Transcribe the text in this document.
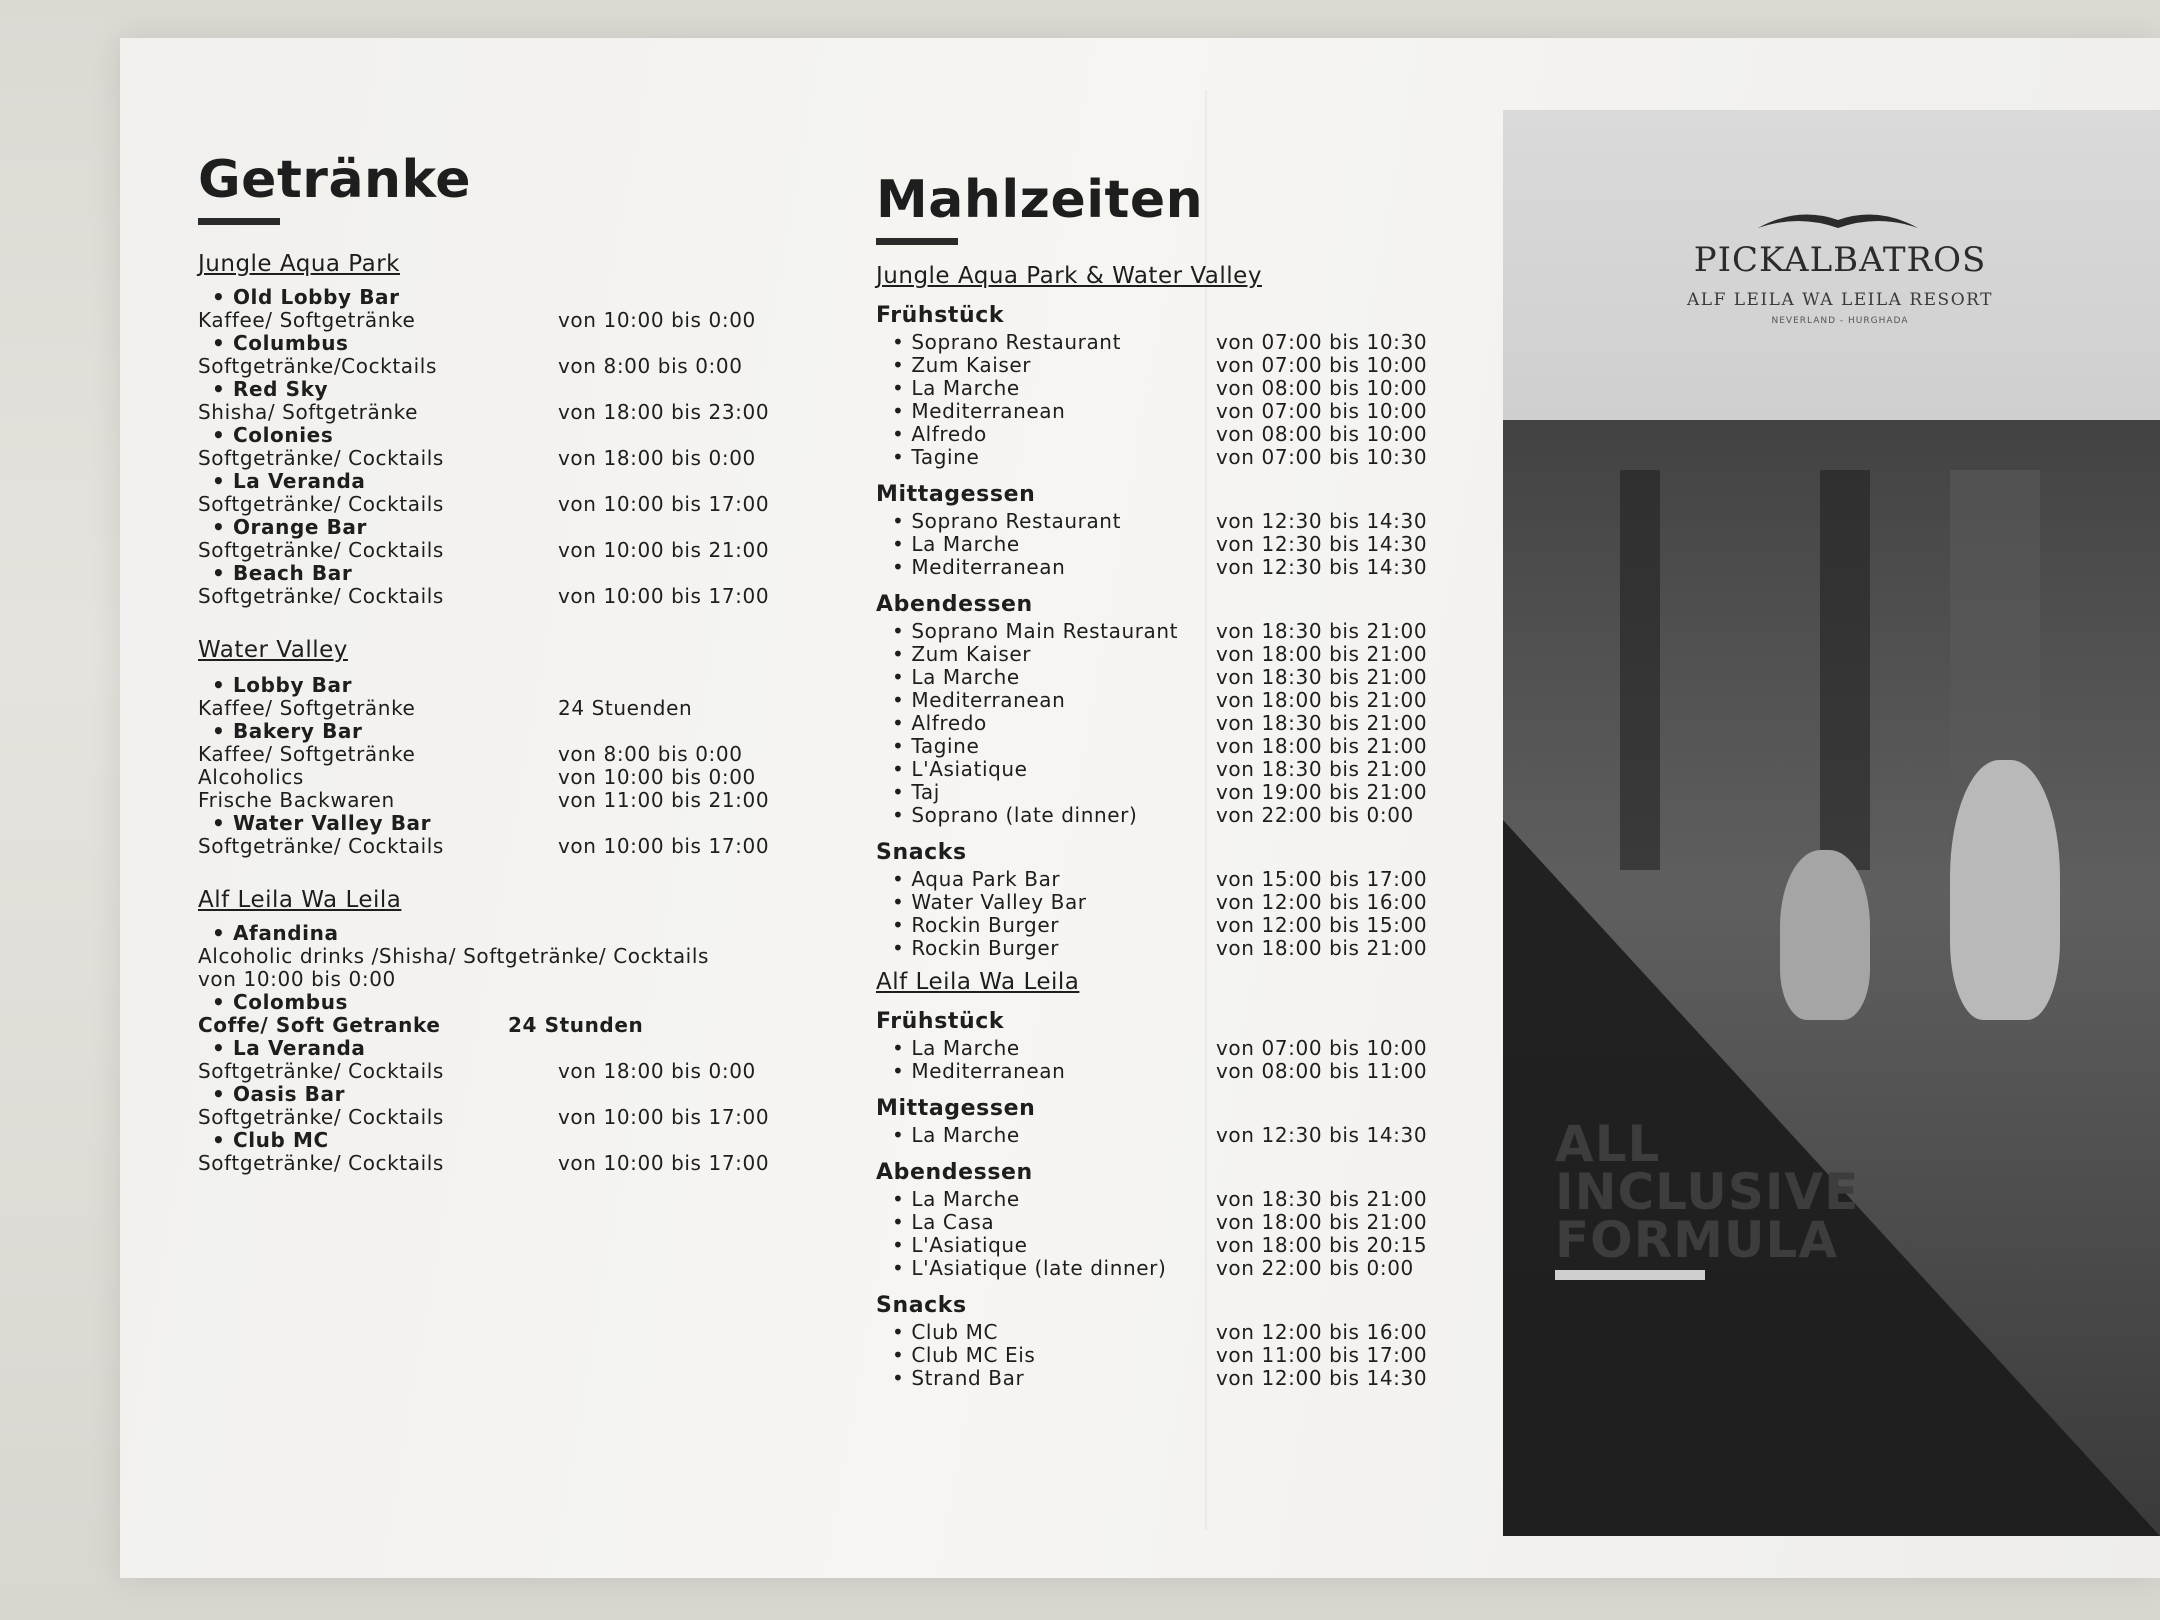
Getränke
Jungle Aqua Park
• Old Lobby Bar
Kaffee/ Softgetränke	von 10:00 bis 0:00
• Columbus
Softgetränke/Cocktails	von 8:00 bis 0:00
• Red Sky
Shisha/ Softgetränke	von 18:00 bis 23:00
• Colonies
Softgetränke/ Cocktails	von 18:00 bis 0:00
• La Veranda
Softgetränke/ Cocktails	von 10:00 bis 17:00
• Orange Bar
Softgetränke/ Cocktails	von 10:00 bis 21:00
• Beach Bar
Softgetränke/ Cocktails	von 10:00 bis 17:00
Water Valley
• Lobby Bar
Kaffee/ Softgetränke	24 Stuenden
• Bakery Bar
Kaffee/ Softgetränke	von 8:00 bis 0:00
Alcoholics	von 10:00 bis 0:00
Frische Backwaren	von 11:00 bis 21:00
• Water Valley Bar
Softgetränke/ Cocktails	von 10:00 bis 17:00
Alf Leila Wa Leila
• Afandina
Alcoholic drinks /Shisha/ Softgetränke/ Cocktails
von 10:00 bis 0:00
• Colombus
Coffe/ Soft Getranke	24 Stunden
• La Veranda
Softgetränke/ Cocktails	von 18:00 bis 0:00
• Oasis Bar
Softgetränke/ Cocktails	von 10:00 bis 17:00
• Club MC
Softgetränke/ Cocktails	von 10:00 bis 17:00
Mahlzeiten
Jungle Aqua Park & Water Valley
Frühstück
• Soprano Restaurant	von 07:00 bis 10:30
• Zum Kaiser	von 07:00 bis 10:00
• La Marche	von 08:00 bis 10:00
• Mediterranean	von 07:00 bis 10:00
• Alfredo	von 08:00 bis 10:00
• Tagine	von 07:00 bis 10:30
Mittagessen
• Soprano Restaurant	von 12:30 bis 14:30
• La Marche	von 12:30 bis 14:30
• Mediterranean	von 12:30 bis 14:30
Abendessen
• Soprano Main Restaurant von 18:30 bis 21:00
• Zum Kaiser	von 18:00 bis 21:00
• La Marche	von 18:30 bis 21:00
• Mediterranean	von 18:00 bis 21:00
• Alfredo	von 18:30 bis 21:00
• Tagine	von 18:00 bis 21:00
• L'Asiatique	von 18:30 bis 21:00
• Taj	von 19:00 bis 21:00
• Soprano (late dinner)	von 22:00 bis 0:00
Snacks
• Aqua Park Bar	von 15:00 bis 17:00
• Water Valley Bar	von 12:00 bis 16:00
• Rockin Burger	von 12:00 bis 15:00
• Rockin Burger	von 18:00 bis 21:00
Alf Leila Wa Leila
Frühstück
• La Marche	von 07:00 bis 10:00
• Mediterranean	von 08:00 bis 11:00
Mittagessen
• La Marche	von 12:30 bis 14:30
Abendessen
• La Marche	von 18:30 bis 21:00
• La Casa	von 18:00 bis 21:00
• L'Asiatique	von 18:00 bis 20:15
• L'Asiatique (late dinner) von 22:00 bis 0:00
Snacks
• Club MC	von 12:00 bis 16:00
• Club MC Eis	von 11:00 bis 17:00
• Strand Bar	von 12:00 bis 14:30
PICKALBATROS
ALF LEILA WA LEILA RESORT
NEVERLAND - HURGHADA
ALL
INCLUSIVE
FORMULA
